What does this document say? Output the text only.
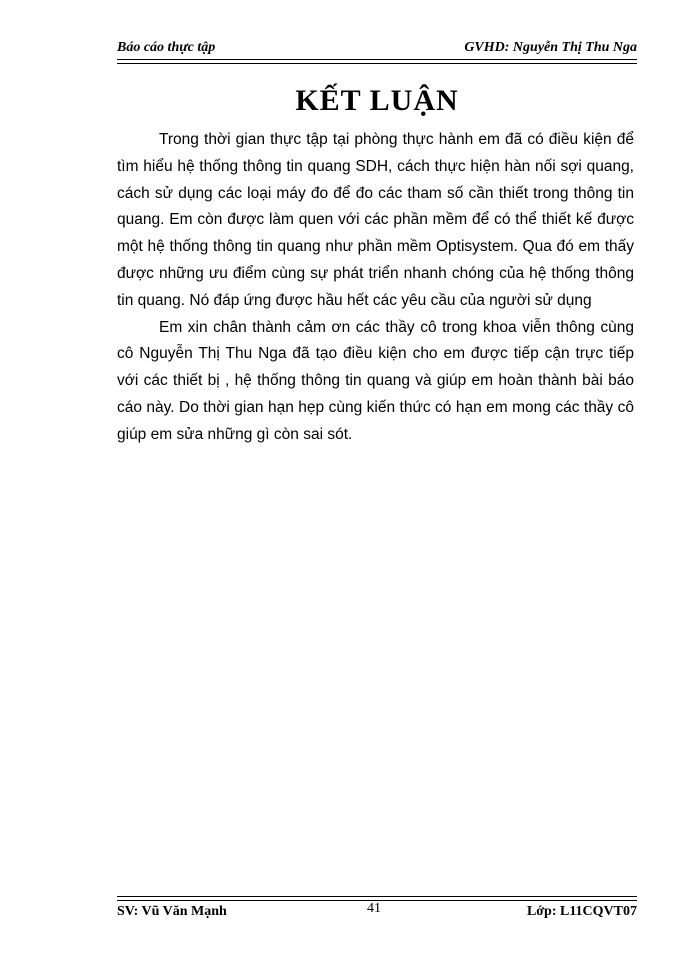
Báo cáo thực tập	GVHD: Nguyễn Thị Thu Nga
KẾT LUẬN

Trong thời gian thực tập tại phòng thực hành em đã có điều kiện để tìm hiểu hệ thống thông tin quang SDH, cách thực hiện hàn nối sợi quang, cách sử dụng các loại máy đo để đo các tham số cần thiết trong thông tin quang. Em còn được làm quen với các phần mềm để có thể thiết kế được một hệ thống thông tin quang như phần mềm Optisystem. Qua đó em thấy được những ưu điểm cùng sự phát triển nhanh chóng của hệ thống thông tin quang. Nó đáp ứng được hầu hết các yêu cầu của người sử dụng

Em xin chân thành cảm ơn các thầy cô trong khoa viễn thông cùng cô Nguyễn Thị Thu Nga đã tạo điều kiện cho em được tiếp cận trực tiếp với các thiết bị , hệ thống thông tin quang và giúp em hoàn thành bài báo cáo này. Do thời gian hạn hẹp cùng kiến thức có hạn em mong các thầy cô giúp em sửa những gì còn sai sót.

SV: Vũ Văn Mạnh	41	Lớp: L11CQVT07
